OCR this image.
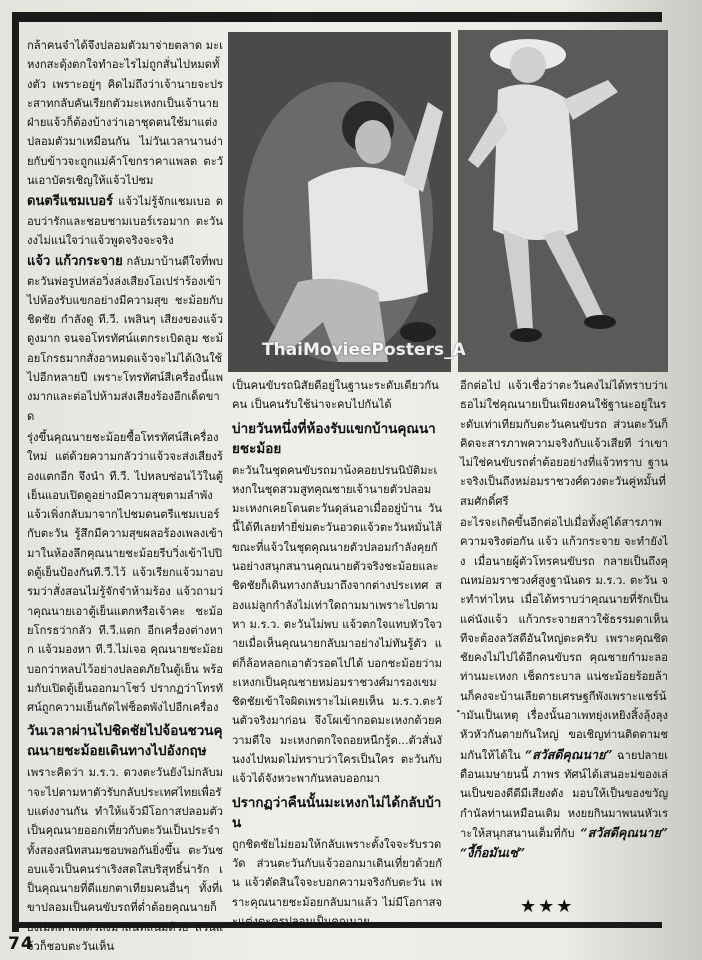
กล้าคนจำได้จึงปลอมตัวมาจ่ายตลาด มะเหงกสะดุ้งตกใจทำอะไรไม่ถูกสั่นไปหมดทั้งตัว เพราะอยู่ๆ คิดไม่ถึงว่าเจ้านายจะประสาทกลับคันเรียกตัวมะเหงกเป็นเจ้านาย ฝ่ายแจ้วก็ต้องบ้างว่าเอาชุดตนใช้มาแต่งปลอมตัวมาเหมือนกัน ไม่วันเวลานานง่ายกับข้าวจะถูกแม่ค้าโขกราคาแพลด ตะวันเอาบัตรเชิญให้แจ้วไปชม

ดนตรีแชมเบอร์ แจ้วไม่รู้จักแชมเบอ ตอบว่ารักและชอบชามเบอร์เรอมาก ตะวันงงไม่แน่ใจว่าแจ้วพูดจริงจะจริง

แจ้ว แก้วกระจาย กลับมาบ้านดีใจที่พบตะวันพ่อรูปหล่อวิ่งล่งเสียงโอเปร่าร้องเข้าไปห้องรับแขกอย่างมีความสุข ชะม้อยกับชิดชัย กำลังดู ที.วี. เพลินๆ เสียงของแจ้วดูงมาก จนจอโทรทัศน์แตกระเบิดลูม ชะม้อยโกรธมากสั่งอาหมดแจ้วจะไม่ได้เงินใช้ไปอีกหลายปี เพราะโทรทัศน์สีเครื่องนี้แพงมากและต่อไปห้ามส่งเสียงร้องอีกเด็ดขาด

รุ่งขึ้นคุณนายชะม้อยซื้อโทรทัศน์สีเครื่องใหม่ แต่ด้วยความกลัวว่าแจ้วจะส่งเสียงร้องแตกอีก จึงนำ ที.วี. ไปหลบซ่อนไว้ในตู้เย็นแอบเปิดดูอย่างมีความสุขตามลำพัง แจ้วเพิ่งกลับมาจากไปชมดนตรีแชมเบอร์กับตะวัน รู้สึกมีความสุขผลอร้องเพลงเข้ามาในห้องลึกคุณนายชะม้อยรีบวิ่งเข้าไปปิดตู้เย็นป้องกันที.วี.ไว้ แจ้วเรียกแจ้วมาอบรมว่าสั่งสอนไม่รู้จักจำห้ามร้อง แจ้วถามว่าคุณนายเอาตู้เย็นแตกหรือเจ้าคะ ชะม้อยโกรธว่ากลัว ที.วี.แตก อีกเครื่องต่างหาก แจ้วมองหา ที.วี.ไม่เจอ คุณนายชะม้อยบอกว่าหลบไว้อย่างปลอดภัยในตู้เย็น พร้อมกับเปิดตู้เย็นออกมาโชว์ ปรากฏว่าโทรทัศน์ถูกความเย็นกัดไฟช็อตพังไปอีกเครื่อง

วันเวลาผ่านไปชิดชัยไปจ้อนชวนคุณนายชะม้อยเดินทางไปอังกฤษ

เพราะคิดว่า ม.ร.ว. ดวงตะวันยังไม่กลับมาจะไปตามหาตัวรับกลับประเทศไทยเพื่อรับแต่งงานกัน ทำให้แจ้วมีโอกาสปลอมตัวเป็นคุณนายออกเที่ยวกับตะวันเป็นประจำ ทั้งสองสนิทสนมชอบพอกันยิ่งขึ้น ตะวันชอบแจ้วเป็นคนร่าเริงสดใสบริสุทธิ์น่ารัก เป็นคุณนายที่ดีแยกตาเทียมคนอื่นๆ ทั้งที่เขาปลอมเป็นคนขับรถที่ต่ำต้อยคุณนายก็ยังเมตตาลดตัวลงมาสนิทสนมด้วย ส่วนแจ้วก็ชอบตะวันเห็น

ThaiMovieePosters_A

เป็นคนขับรถนิสัยดีอยู่ในฐานะระดับเดียวกันคน เป็นคนรับใช้น่าจะคบไปกันได้

บ่ายวันหนึ่งที่ห้องรับแขกบ้านคุณนายชะม้อย

ตะวันในชุดคนขับรถมาน้งคอยปรนนิบัติมะเหงกในชุดสวมสูทคุณชายเจ้านายตัวปลอม มะเหงกเคยโดนตะวันดุล่นอาเมื่ออยู่บ้าน วันนี้ได้ทีเลยทำยี่ข่มตะวันอวดแจ้วตะวันหมั่นไส้ ขณะที่แจ้วในชุดคุณนายตัวปลอมกำลังคุยกันอย่างสนุกสนานคุณนายตัวจริงชะม้อยและชิดชัยก็เดินทางกลับมาถึงจากต่างประเทศ สองแม่ลูกกำลังไม่เท่าใดถามมาเพราะไปตามหา ม.ร.ว. ตะวันไม่พบ แจ้วตกใจแทบหัวใจวายเมื่อเห็นคุณนายกลับมาอย่างไม่ทันรู้ตัว แต่ก็ล้อหลอกเอาตัวรอดไปได้ บอกชะม้อยว่ามะเหงกเป็นคุณชายหม่อมราชวงศ์มารองเขม ชิดชัยเข้าใจผิดเพราะไม่เคยเห็น ม.ร.ว.ตะวันตัวจริงมาก่อน จึงโผเข้ากอดมะเหงกด้วยความดีใจ มะเหงกตกใจถอยหนีกรู้ด...ตัวสั่นงันงงไปหมดไม่ทราบว่าใครเป็นใคร ตะวันกับแจ้วได้จังหวะพากันหลบออกมา

ปรากฏว่าคืนนั้นมะเหงกไม่ได้กลับบ้าน

ถูกชิดชัยไม่ยอมให้กลับเพราะตั้งใจจะรับรวดวัด ส่วนตะวันกับแจ้วออกมาเดินเที่ยวด้วยกัน แจ้วตัดสินใจจะบอกความจริงกับตะวัน เพราะคุณนายชะม้อยกลับมาแล้ว ไม่มีโอกาสจะแต่งตะครปลอมเป็นคุณนาย

อีกต่อไป แจ้วเชื่อว่าตะวันคงไม่ได้ทราบว่าเธอไม่ใช่คุณนายเป็นเพียงคนใช้ฐานะอยู่ในระดับเท่าเทียมกับตะวันคนขับรถ ส่วนตะวันก็คิดจะสารภาพความจริงกับแจ้วเสียที ว่าเขาไม่ใช่คนขับรถต่ำต้อยอย่างที่แจ้วทราบ ฐานะจริงเป็นถึงหม่อมราชวงศ์ดวงตะวันคู่หมั้นที่สมศักดิ์ศรี

อะไรจะเกิดขึ้นอีกต่อไปเมื่อทั้งคู่ได้สารภาพความจริงต่อกัน แจ้ว แก้วกระจาย จะทำยังไง เมื่อนายผู้ตัวโทรคนขับรถ กลายเป็นถึงคุณหม่อมราชวงศ์สูงฐานันดร ม.ร.ว. ตะวัน จะทำท่าไหน เมื่อได้ทราบว่าคุณนายที่รักเป็นแค่นังแจ้ว แก้วกระจายสาวใช้ธรรมดาเห็นทีจะต้องลวัสดีอันใหญ่ตะครับ เพราะคุณชิดชัยคงไม่ไปได้อีกคนขับรถ คุณชายกำมะลอท่านมะเหงก เช็ดกระบาล แน่ชะม้อยร้อยล้านก็คงจะบ้านเลียตายเศรษฐกีพังเพราะแชร์น้ำมันเป็นเหตุ เรื่องนั้นอาเพทยุ่งเหยิงสิ้งลุ้งลุงหัวหัวกันตายกันใหญ่ ขอเชิญท่านติดตามชมกันให้ได้ใน “สวัสดีคุณนาย” ฉายปลายเดือนเมษายนนี้ ภาพร ทัศน์ได้เสนอะม่ของเล่นเป็นของดีดีมีเสียงดัง มอบให้เป็นของขวัญกำนัลท่านเหมือนเดิม หงยยกินมาพนนหัวเราะให้สนุกสนานเต็มที่กับ “สวัสดีคุณนาย” “งี้ก็อมันเซ่”

★★★
74
